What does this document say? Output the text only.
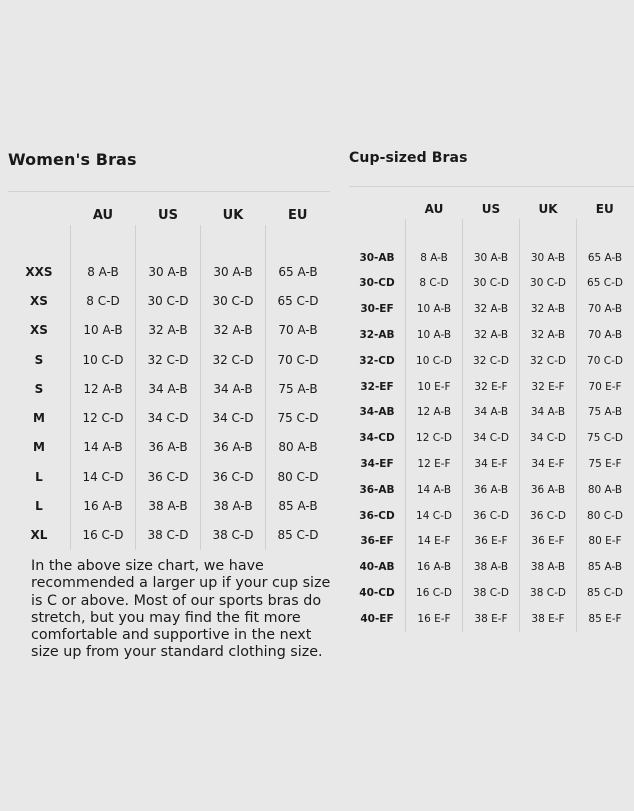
Women's Bras
	AU	US	UK	EU

XXS	8 A-B	30 A-B	30 A-B	65 A-B
XS	8 C-D	30 C-D	30 C-D	65 C-D
XS	10 A-B	32 A-B	32 A-B	70 A-B
S	10 C-D	32 C-D	32 C-D	70 C-D
S	12 A-B	34 A-B	34 A-B	75 A-B
M	12 C-D	34 C-D	34 C-D	75 C-D
M	14 A-B	36 A-B	36 A-B	80 A-B
L	14 C-D	36 C-D	36 C-D	80 C-D
L	16 A-B	38 A-B	38 A-B	85 A-B
XL	16 C-D	38 C-D	38 C-D	85 C-D

In the above size chart, we have recommended a larger up if your cup size is C or above. Most of our sports bras do stretch, but you may find the fit more comfortable and supportive in the next size up from your standard clothing size.

Cup-sized Bras
	AU	US	UK	EU

30-AB	8 A-B	30 A-B	30 A-B	65 A-B
30-CD	8 C-D	30 C-D	30 C-D	65 C-D
30-EF	10 A-B	32 A-B	32 A-B	70 A-B
32-AB	10 A-B	32 A-B	32 A-B	70 A-B
32-CD	10 C-D	32 C-D	32 C-D	70 C-D
32-EF	10 E-F	32 E-F	32 E-F	70 E-F
34-AB	12 A-B	34 A-B	34 A-B	75 A-B
34-CD	12 C-D	34 C-D	34 C-D	75 C-D
34-EF	12 E-F	34 E-F	34 E-F	75 E-F
36-AB	14 A-B	36 A-B	36 A-B	80 A-B
36-CD	14 C-D	36 C-D	36 C-D	80 C-D
36-EF	14 E-F	36 E-F	36 E-F	80 E-F
40-AB	16 A-B	38 A-B	38 A-B	85 A-B
40-CD	16 C-D	38 C-D	38 C-D	85 C-D
40-EF	16 E-F	38 E-F	38 E-F	85 E-F
